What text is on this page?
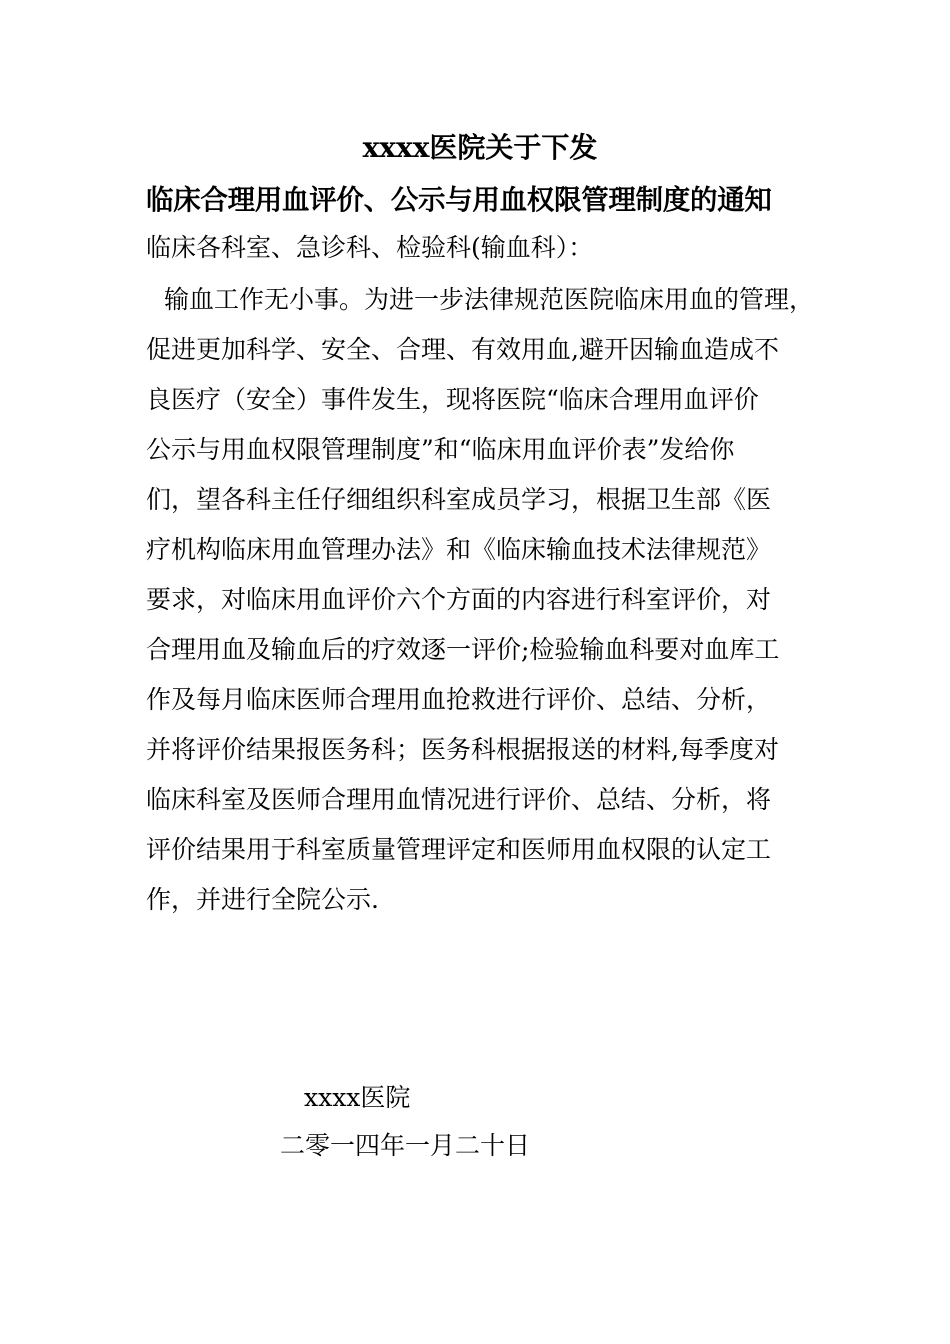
xxxx医院关于下发
临床合理用血评价、公示与用血权限管理制度的通知
临床各科室、急诊科、检验科(输血科）：
输血工作无小事。为进一步法律规范医院临床用血的管理，
促进更加科学、安全、合理、有效用血,避开因输血造成不
良医疗（安全）事件发生，现将医院“临床合理用血评价
公示与用血权限管理制度”和“临床用血评价表”发给你
们，望各科主任仔细组织科室成员学习，根据卫生部《医
疗机构临床用血管理办法》和《临床输血技术法律规范》
要求，对临床用血评价六个方面的内容进行科室评价，对
合理用血及输血后的疗效逐一评价;检验输血科要对血库工
作及每月临床医师合理用血抢救进行评价、总结、分析，
并将评价结果报医务科；医务科根据报送的材料,每季度对
临床科室及医师合理用血情况进行评价、总结、分析，将
评价结果用于科室质量管理评定和医师用血权限的认定工
作，并进行全院公示.
xxxx医院
二零一四年一月二十日
